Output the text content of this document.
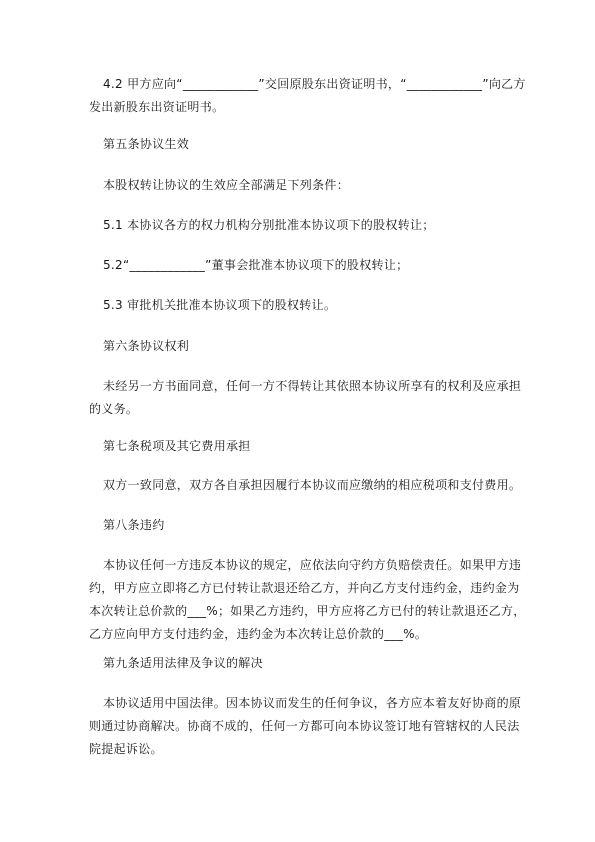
4.2 甲方应向“____________”交回原股东出资证明书，“____________”向乙方发出新股东出资证明书。
第五条协议生效
本股权转让协议的生效应全部满足下列条件：
5.1 本协议各方的权力机构分别批准本协议项下的股权转让；
5.2“____________”董事会批准本协议项下的股权转让；
5.3 审批机关批准本协议项下的股权转让。
第六条协议权利
未经另一方书面同意，任何一方不得转让其依照本协议所享有的权利及应承担的义务。
第七条税项及其它费用承担
双方一致同意，双方各自承担因履行本协议而应缴纳的相应税项和支付费用。
第八条违约
本协议任何一方违反本协议的规定，应依法向守约方负赔偿责任。如果甲方违约，甲方应立即将乙方已付转让款退还给乙方，并向乙方支付违约金，违约金为本次转让总价款的___%；如果乙方违约，甲方应将乙方已付的转让款退还乙方，乙方应向甲方支付违约金，违约金为本次转让总价款的___%。
第九条适用法律及争议的解决
本协议适用中国法律。因本协议而发生的任何争议，各方应本着友好协商的原则通过协商解决。协商不成的，任何一方都可向本协议签订地有管辖权的人民法院提起诉讼。
